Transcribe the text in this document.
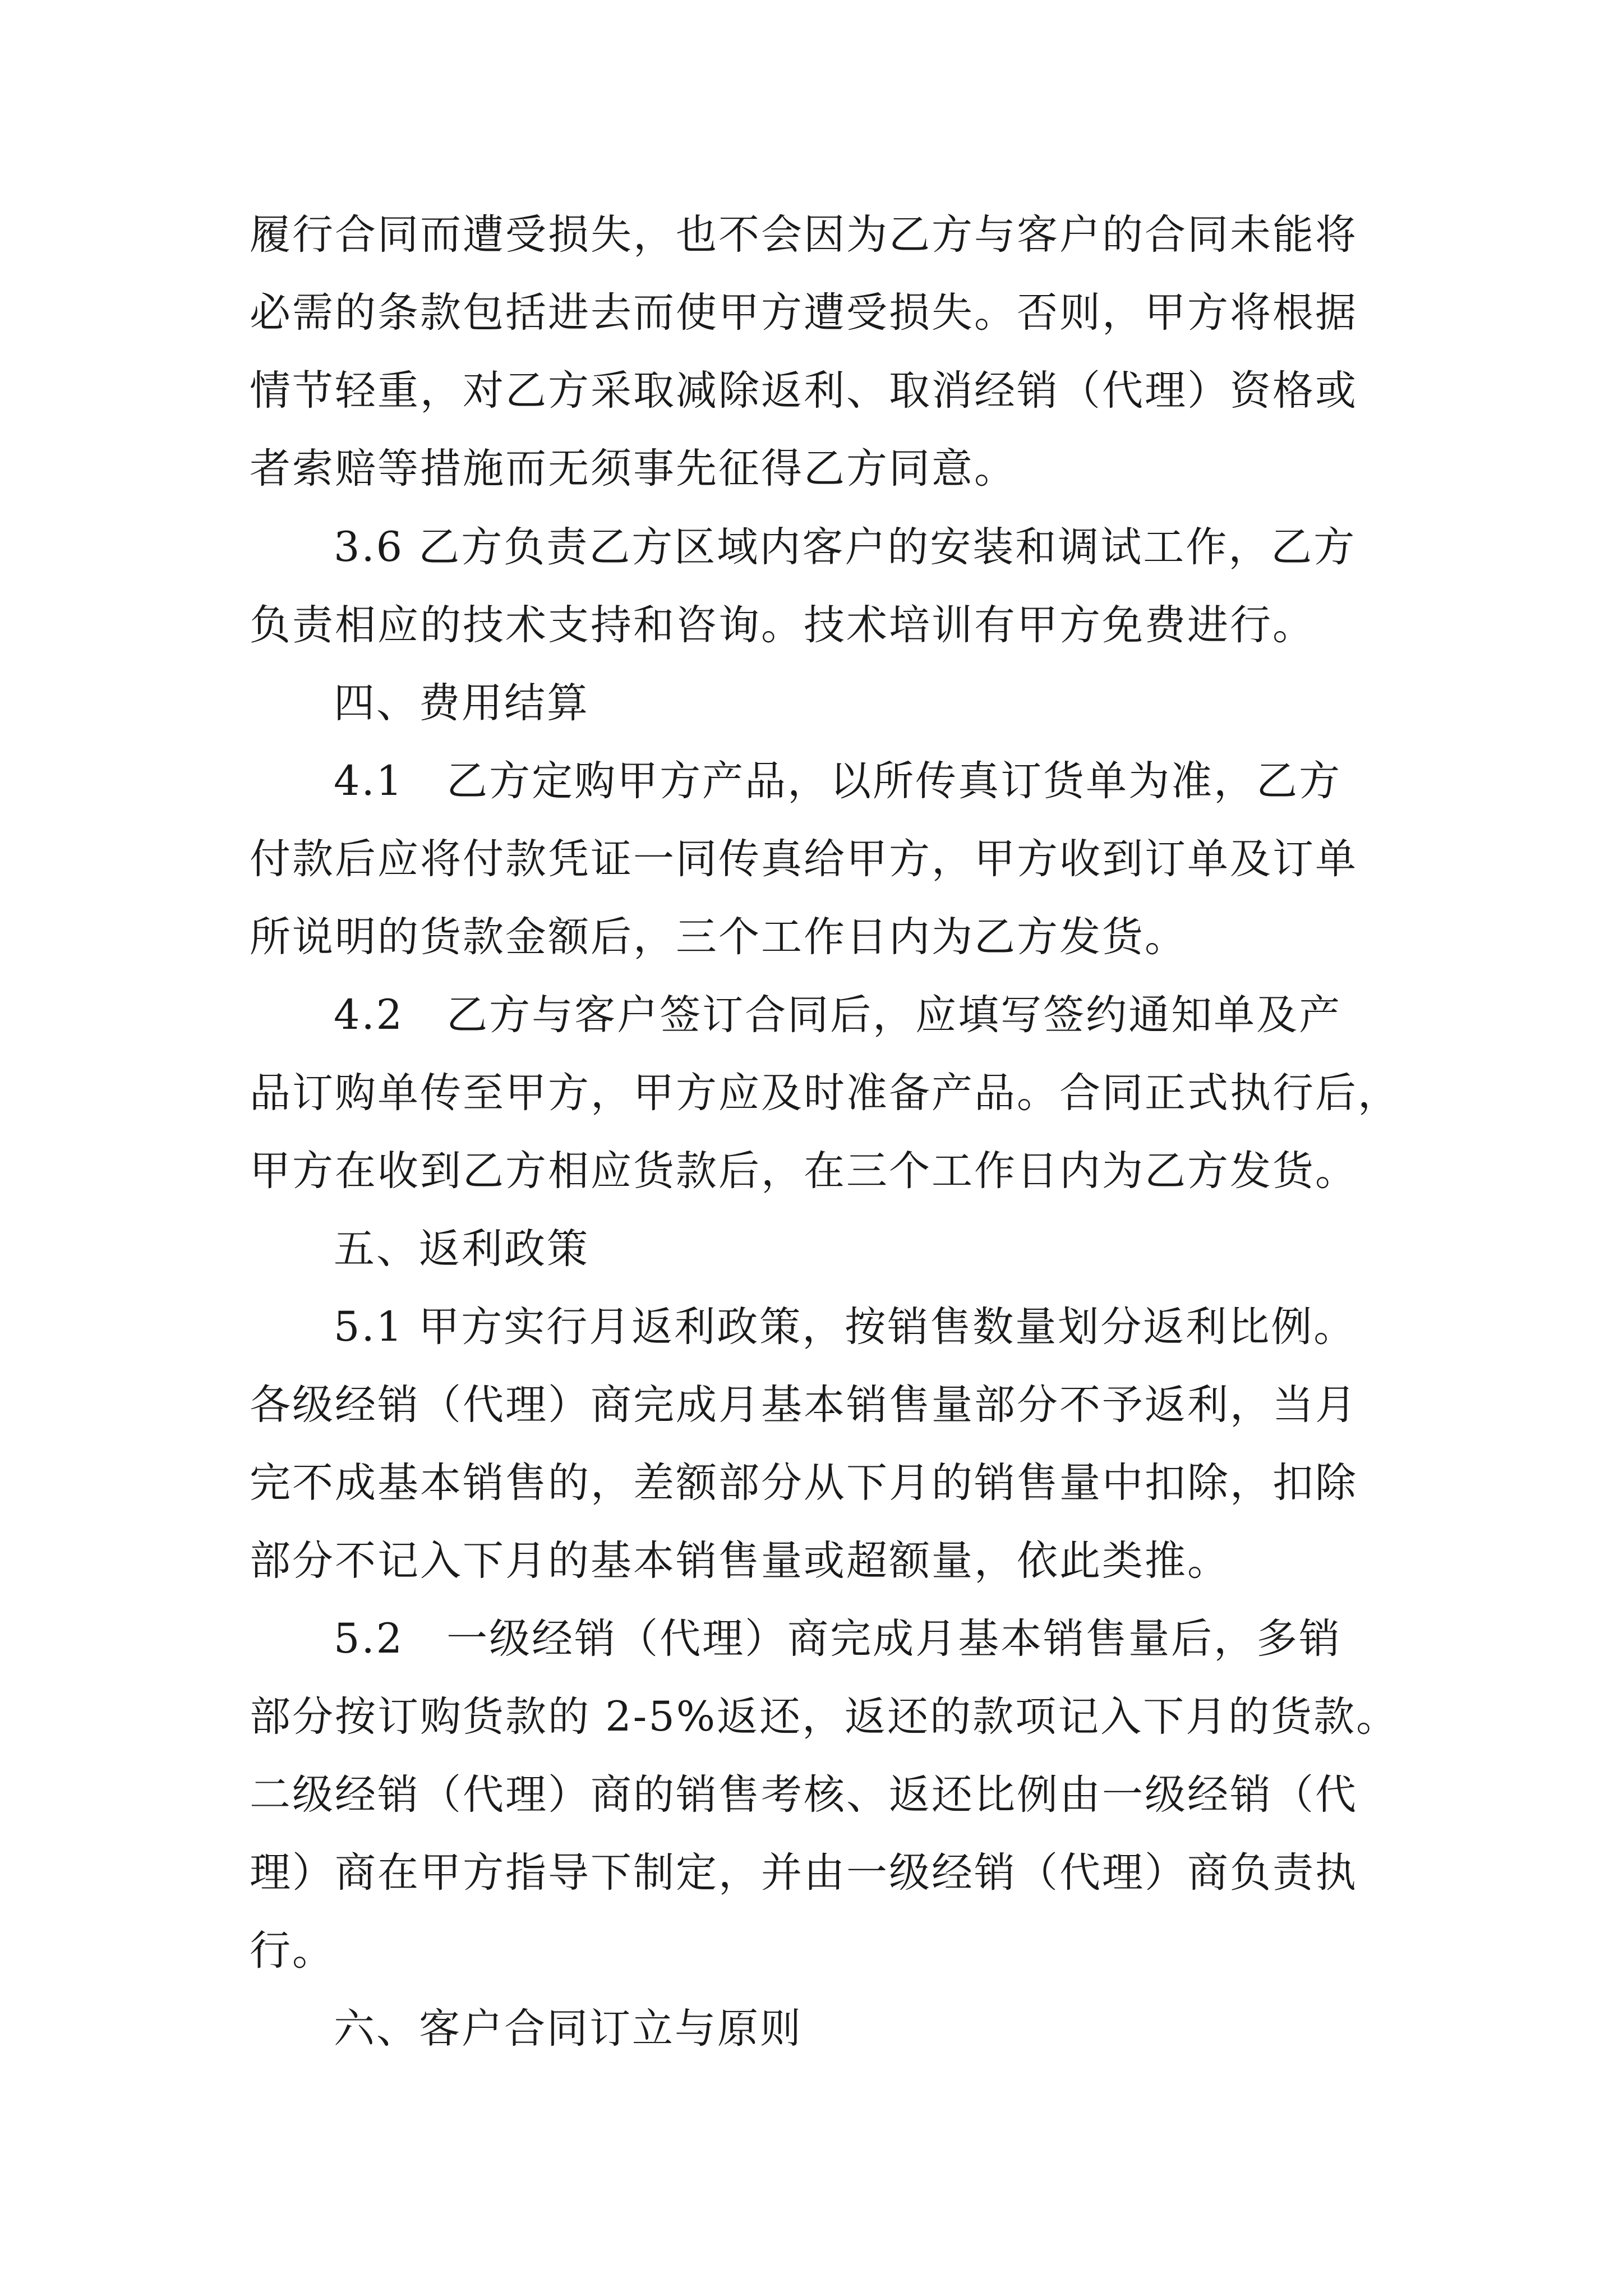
履行合同而遭受损失，也不会因为乙方与客户的合同未能将

必需的条款包括进去而使甲方遭受损失。否则，甲方将根据

情节轻重，对乙方采取减除返利、取消经销（代理）资格或

者索赔等措施而无须事先征得乙方同意。

3.6 乙方负责乙方区域内客户的安装和调试工作，乙方

负责相应的技术支持和咨询。技术培训有甲方免费进行。

四、费用结算

4.1　乙方定购甲方产品，以所传真订货单为准，乙方

付款后应将付款凭证一同传真给甲方，甲方收到订单及订单

所说明的货款金额后，三个工作日内为乙方发货。

4.2　乙方与客户签订合同后，应填写签约通知单及产

品订购单传至甲方，甲方应及时准备产品。合同正式执行后，

甲方在收到乙方相应货款后，在三个工作日内为乙方发货。

五、返利政策

5.1 甲方实行月返利政策，按销售数量划分返利比例。

各级经销（代理）商完成月基本销售量部分不予返利，当月

完不成基本销售的，差额部分从下月的销售量中扣除，扣除

部分不记入下月的基本销售量或超额量，依此类推。

5.2　一级经销（代理）商完成月基本销售量后，多销

部分按订购货款的 2-5%返还，返还的款项记入下月的货款。

二级经销（代理）商的销售考核、返还比例由一级经销（代

理）商在甲方指导下制定，并由一级经销（代理）商负责执

行。

六、客户合同订立与原则
